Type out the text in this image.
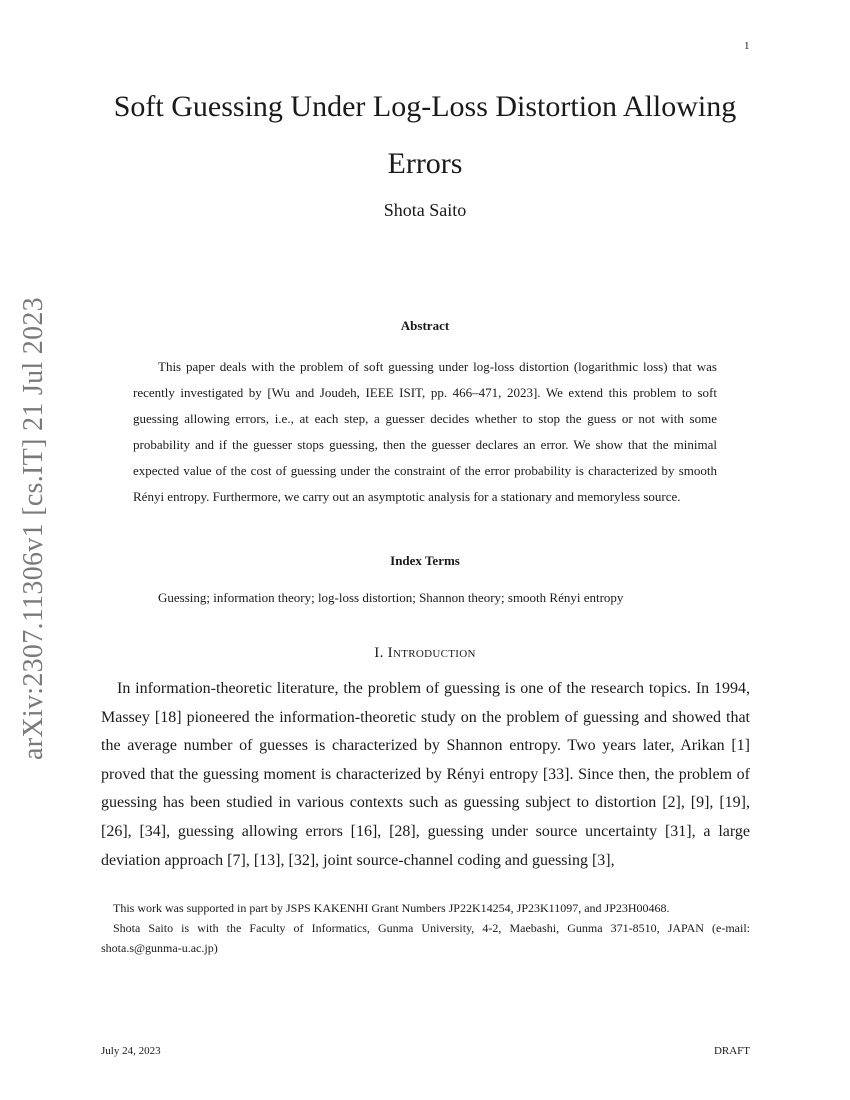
1
arXiv:2307.11306v1 [cs.IT] 21 Jul 2023
Soft Guessing Under Log-Loss Distortion Allowing Errors
Shota Saito
Abstract

This paper deals with the problem of soft guessing under log-loss distortion (logarithmic loss) that was recently investigated by [Wu and Joudeh, IEEE ISIT, pp. 466–471, 2023]. We extend this problem to soft guessing allowing errors, i.e., at each step, a guesser decides whether to stop the guess or not with some probability and if the guesser stops guessing, then the guesser declares an error. We show that the minimal expected value of the cost of guessing under the constraint of the error probability is characterized by smooth Rényi entropy. Furthermore, we carry out an asymptotic analysis for a stationary and memoryless source.

Index Terms
Guessing; information theory; log-loss distortion; Shannon theory; smooth Rényi entropy
I. Introduction

In information-theoretic literature, the problem of guessing is one of the research topics. In 1994, Massey [18] pioneered the information-theoretic study on the problem of guessing and showed that the average number of guesses is characterized by Shannon entropy. Two years later, Arikan [1] proved that the guessing moment is characterized by Rényi entropy [33]. Since then, the problem of guessing has been studied in various contexts such as guessing subject to distortion [2], [9], [19], [26], [34], guessing allowing errors [16], [28], guessing under source uncertainty [31], a large deviation approach [7], [13], [32], joint source-channel coding and guessing [3],

This work was supported in part by JSPS KAKENHI Grant Numbers JP22K14254, JP23K11097, and JP23H00468.

Shota Saito is with the Faculty of Informatics, Gunma University, 4-2, Maebashi, Gunma 371-8510, JAPAN (e-mail: shota.s@gunma-u.ac.jp)

July 24, 2023	DRAFT
